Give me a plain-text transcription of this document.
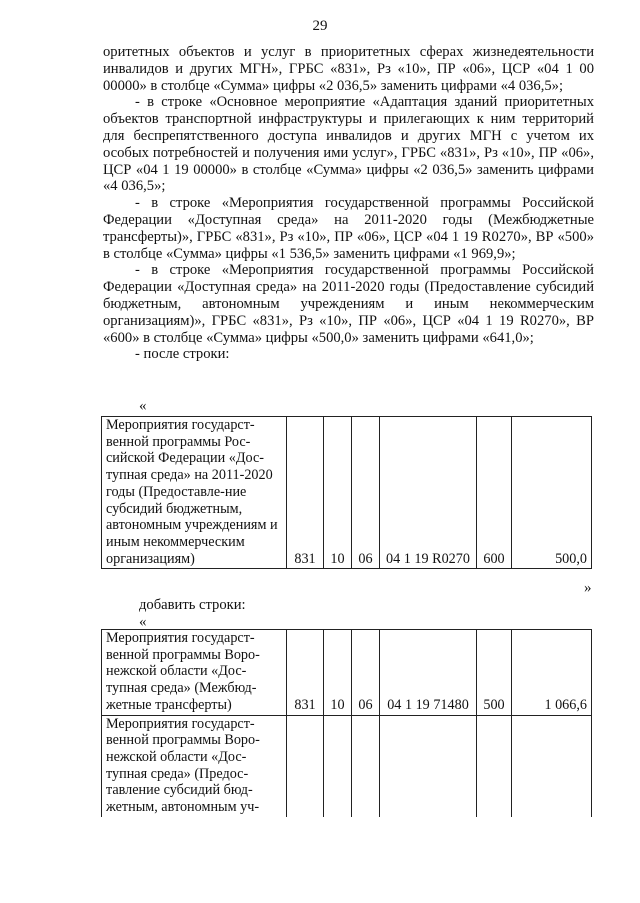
29

оритетных объектов и услуг в приоритетных сферах жизнедеятельности инвалидов и других МГН», ГРБС «831», Рз «10», ПР «06», ЦСР «04 1 00 00000» в столбце «Сумма» цифры «2 036,5» заменить цифрами «4 036,5»;

- в строке «Основное мероприятие «Адаптация зданий приоритетных объектов транспортной инфраструктуры и прилегающих к ним территорий для беспрепятственного доступа инвалидов и других МГН с учетом их особых потребностей и получения ими услуг», ГРБС «831», Рз «10», ПР «06», ЦСР «04 1 19 00000» в столбце «Сумма» цифры «2 036,5» заменить цифрами «4 036,5»;

- в строке «Мероприятия государственной программы Российской Федерации «Доступная среда» на 2011-2020 годы (Межбюджетные трансферты)», ГРБС «831», Рз «10», ПР «06», ЦСР «04 1 19 R0270», ВР «500» в столбце «Сумма» цифры «1 536,5» заменить цифрами «1 969,9»;

- в строке «Мероприятия государственной программы Российской Федерации «Доступная среда» на 2011-2020 годы (Предоставление субсидий бюджетным, автономным учреждениям и иным некоммерческим организациям)», ГРБС «831», Рз «10», ПР «06», ЦСР «04 1 19 R0270», ВР «600» в столбце «Сумма» цифры «500,0» заменить цифрами «641,0»;

- после строки:

«
Мероприятия государст-венной программы Рос-сийской Федерации «Дос-тупная среда» на 2011-2020 годы (Предоставле-ние субсидий бюджетным, автономным учреждениям и иным некоммерческим организациям)	831	10	06	04 1 19 R0270	600	500,0
»
добавить строки:
«
Мероприятия государст-венной программы Воро-нежской области «Дос-тупная среда» (Межбюд-жетные трансферты)	831	10	06	04 1 19 71480	500	1 066,6
Мероприятия государст-венной программы Воро-нежской области «Дос-тупная среда» (Предос-тавление субсидий бюд-жетным, автономным уч-						
